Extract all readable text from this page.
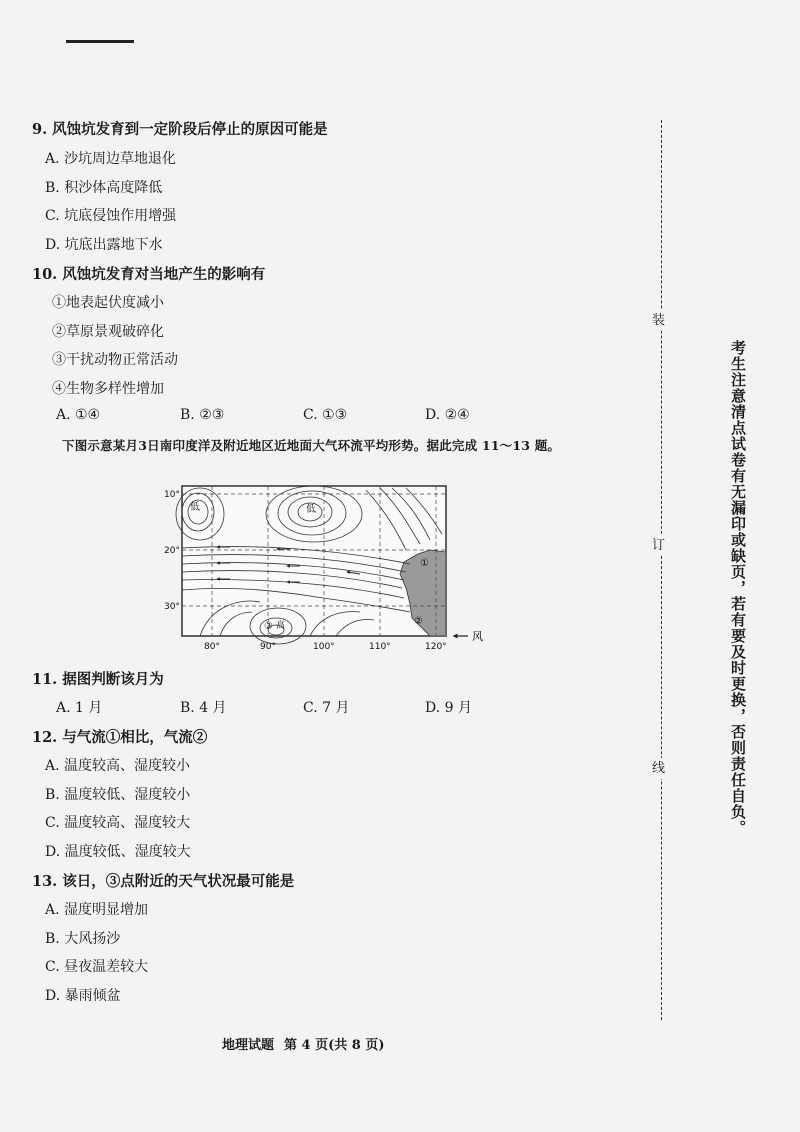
9. 风蚀坑发育到一定阶段后停止的原因可能是
A. 沙坑周边草地退化
B. 积沙体高度降低
C. 坑底侵蚀作用增强
D. 坑底出露地下水
10. 风蚀坑发育对当地产生的影响有
①地表起伏度减小
②草原景观破碎化
③干扰动物正常活动
④生物多样性增加
A. ①④	B. ②③	C. ①③	D. ②④
下图示意某月3日南印度洋及附近地区近地面大气环流平均形势。据此完成 11～13 题。
低	低
高
③
①
②
10°
20°
30°
80°	90°	100°	110°	120°
风
11. 据图判断该月为
A. 1 月	B. 4 月	C. 7 月	D. 9 月
12. 与气流①相比，气流②
A. 温度较高、湿度较小
B. 温度较低、湿度较小
C. 温度较高、湿度较大
D. 温度较低、湿度较大
13. 该日，③点附近的天气状况最可能是
A. 湿度明显增加
B. 大风扬沙
C. 昼夜温差较大
D. 暴雨倾盆
装
订
线	考生注意清点试卷有无漏印或缺页，若有要及时更换，否则责任自负。
地理试题 第 4 页(共 8 页)
